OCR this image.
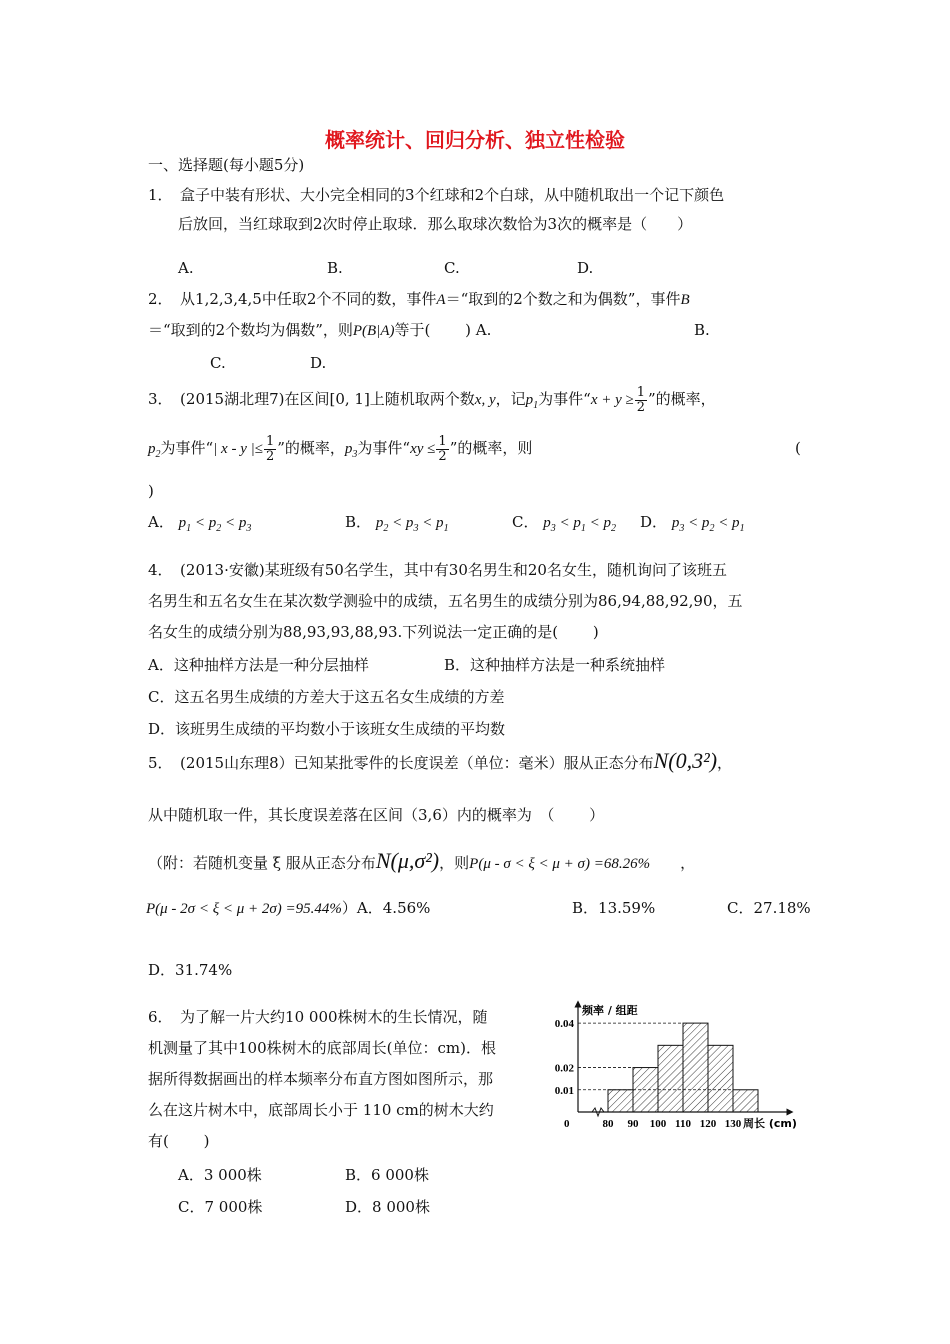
概率统计、回归分析、独立性检验
一、选择题(每小题5分)
1．　盒子中装有形状、大小完全相同的3个红球和2个白球，从中随机取出一个记下颜色
后放回，当红球取到2次时停止取球．那么取球次数恰为3次的概率是（　　）
A.	B.	C.	D.
2．　从1,2,3,4,5中任取2个不同的数，事件A＝“取到的2个数之和为偶数”，事件B
＝“取到的2个数均为偶数”，则P(B|A)等于(　　 ) A.	B.
C.	D.
3．　(2015湖北理7)在区间[0, 1]上随机取两个数x, y，记$p_1$为事件“$x + y \ge \frac{1}{2}$ ”的概率，
$p_2$为事件“| x - y |≤ $\frac{1}{2}$ ”的概率，$p_3$为事件“xy ≤ $\frac{1}{2}$ ”的概率，则	(
)
A． $p_1 < p_2 < p_3$	B． $p_2 < p_3 < p_1$	C． $p_3 < p_1 < p_2$ D． $p_3 < p_2 < p_1$
4．　(2013·安徽)某班级有50名学生，其中有30名男生和20名女生，随机询问了该班五
名男生和五名女生在某次数学测验中的成绩，五名男生的成绩分别为86,94,88,92,90，五
名女生的成绩分别为88,93,93,88,93.下列说法一定正确的是(　　 )
A．这种抽样方法是一种分层抽样	B．这种抽样方法是一种系统抽样
C．这五名男生成绩的方差大于这五名女生成绩的方差
D．该班男生成绩的平均数小于该班女生成绩的平均数
5．　(2015山东理8）已知某批零件的长度误差（单位：毫米）服从正态分布N(0,3²)，
从中随机取一件，其长度误差落在区间（3,6）内的概率为　（　　 ）
（附：若随机变量 ξ 服从正态分布N(μ,σ²)，则P(μ - σ < ξ < μ + σ) =68.26% ，
P(μ - 2σ < ξ < μ + 2σ) =95.44%）A．4.56%	B．13.59%	C．27.18%
D．31.74%
6．　为了解一片大约10 000株树木的生长情况，随
机测量了其中100株树木的底部周长(单位：cm)．根
据所得数据画出的样本频率分布直方图如图所示，那
么在这片树木中，底部周长小于 110 cm的树木大约
有(　　 )
A．3 000株	B．6 000株
C．7 000株	D．8 000株
0.04
0.02
0.01
频率 / 组距
0	80 90 100 110 120 130 周长 (cm)
